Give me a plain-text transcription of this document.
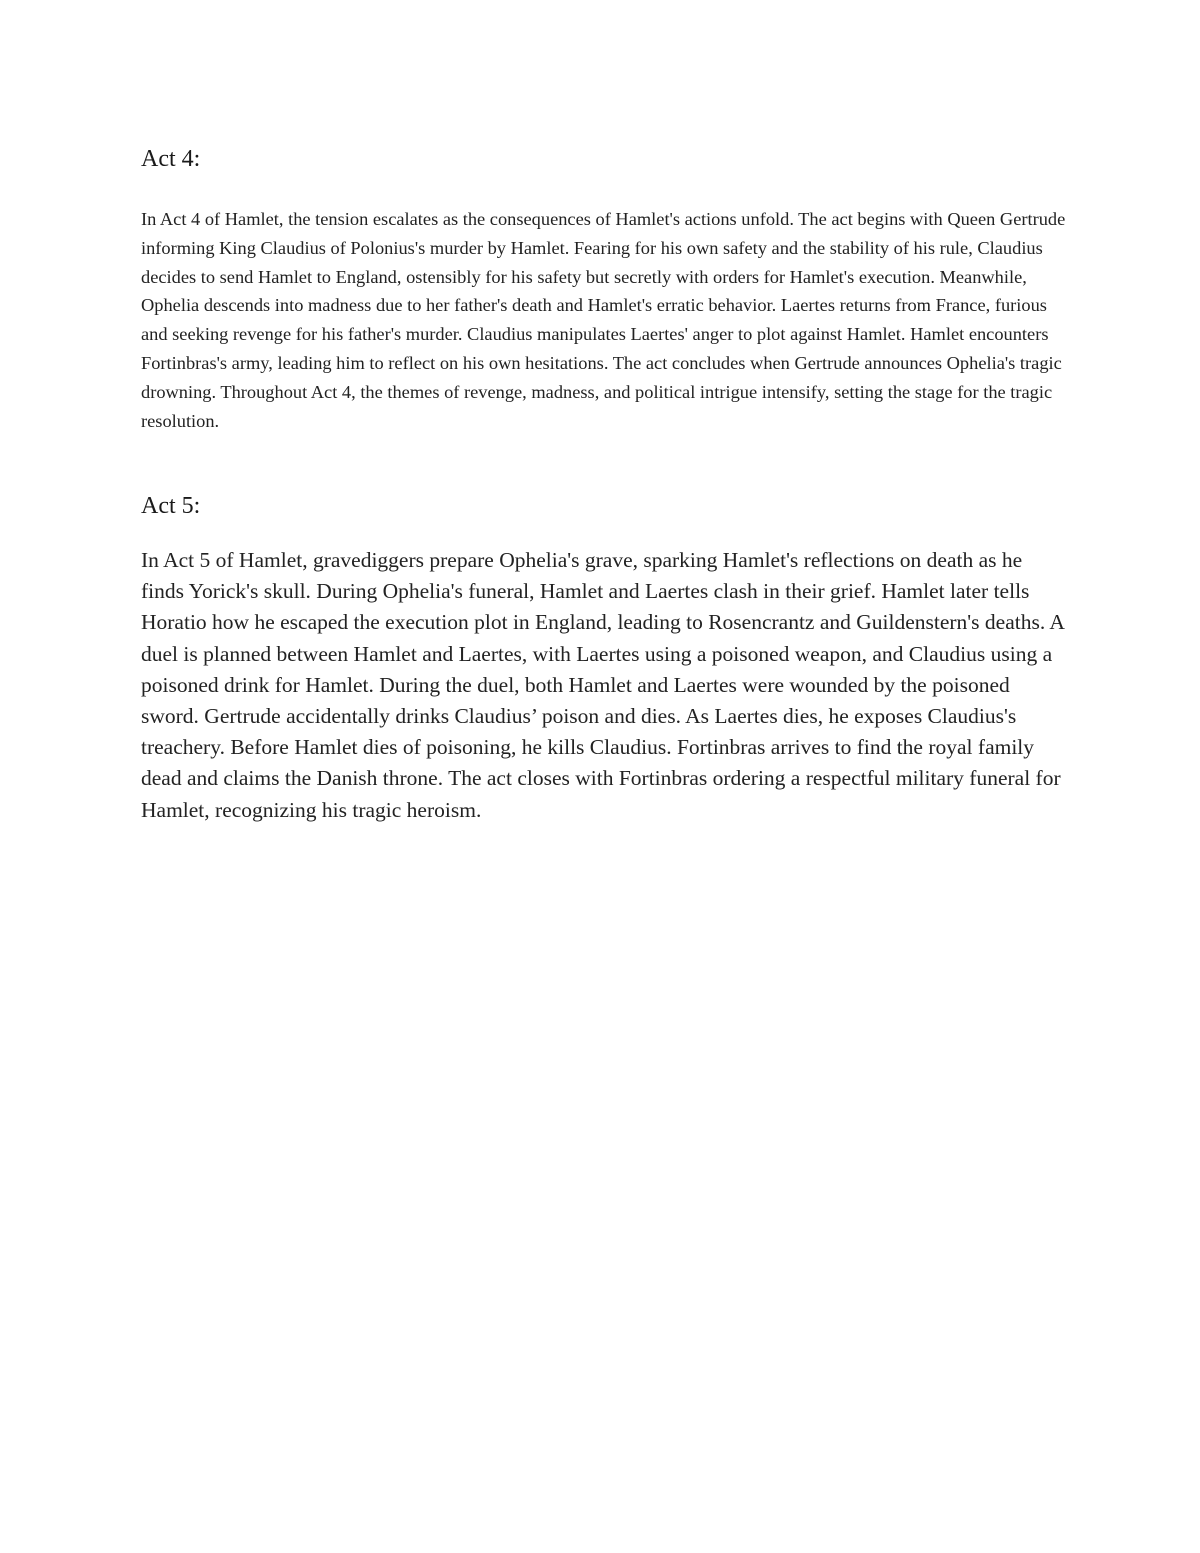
Act 4:

In Act 4 of Hamlet, the tension escalates as the consequences of Hamlet's actions unfold. The act begins with Queen Gertrude informing King Claudius of Polonius's murder by Hamlet. Fearing for his own safety and the stability of his rule, Claudius decides to send Hamlet to England, ostensibly for his safety but secretly with orders for Hamlet's execution. Meanwhile, Ophelia descends into madness due to her father's death and Hamlet's erratic behavior. Laertes returns from France, furious and seeking revenge for his father's murder. Claudius manipulates Laertes' anger to plot against Hamlet. Hamlet encounters Fortinbras's army, leading him to reflect on his own hesitations. The act concludes when Gertrude announces Ophelia's tragic drowning. Throughout Act 4, the themes of revenge, madness, and political intrigue intensify, setting the stage for the tragic resolution.

Act 5:

In Act 5 of Hamlet, gravediggers prepare Ophelia's grave, sparking Hamlet's reflections on death as he finds Yorick's skull. During Ophelia's funeral, Hamlet and Laertes clash in their grief. Hamlet later tells Horatio how he escaped the execution plot in England, leading to Rosencrantz and Guildenstern's deaths. A duel is planned between Hamlet and Laertes, with Laertes using a poisoned weapon, and Claudius using a poisoned drink for Hamlet. During the duel, both Hamlet and Laertes were wounded by the poisoned sword. Gertrude accidentally drinks Claudius’ poison and dies. As Laertes dies, he exposes Claudius's treachery. Before Hamlet dies of poisoning, he kills Claudius. Fortinbras arrives to find the royal family dead and claims the Danish throne. The act closes with Fortinbras ordering a respectful military funeral for Hamlet, recognizing his tragic heroism.
